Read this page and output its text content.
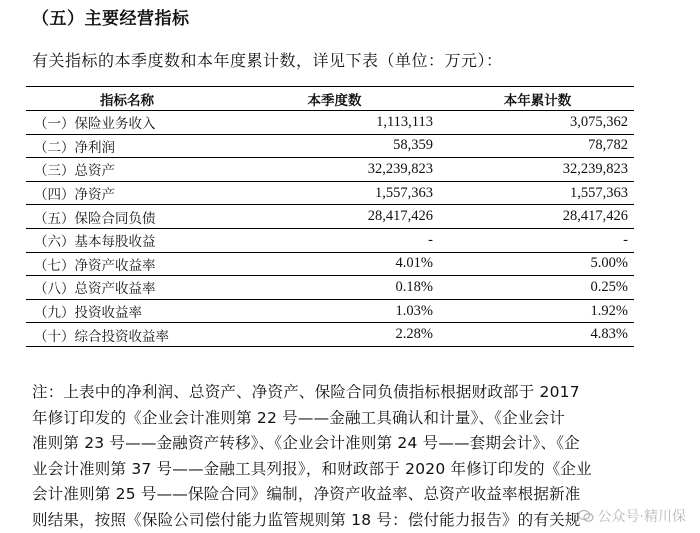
（五）主要经营指标
有关指标的本季度数和本年度累计数，详见下表（单位：万元）：
指标名称	本季度数	本年累计数
（一）保险业务收入	1,113,113	3,075,362
（二）净利润	58,359	78,782
（三）总资产	32,239,823	32,239,823
（四）净资产	1,557,363	1,557,363
（五）保险合同负债	28,417,426	28,417,426
（六）基本每股收益	-	-
（七）净资产收益率	4.01%	5.00%
（八）总资产收益率	0.18%	0.25%
（九）投资收益率	1.03%	1.92%
（十）综合投资收益率	2.28%	4.83%
注：上表中的净利润、总资产、净资产、保险合同负债指标根据财政部于 2017
年修订印发的《企业会计准则第 22 号——金融工具确认和计量》、《企业会计
准则第 23 号——金融资产转移》、《企业会计准则第 24 号——套期会计》、《企
业会计准则第 37 号——金融工具列报》，和财政部于 2020 年修订印发的《企业
会计准则第 25 号——保险合同》编制，净资产收益率、总资产收益率根据新准
则结果，按照《保险公司偿付能力监管规则第 18 号：偿付能力报告》的有关规	公众号·精川保
